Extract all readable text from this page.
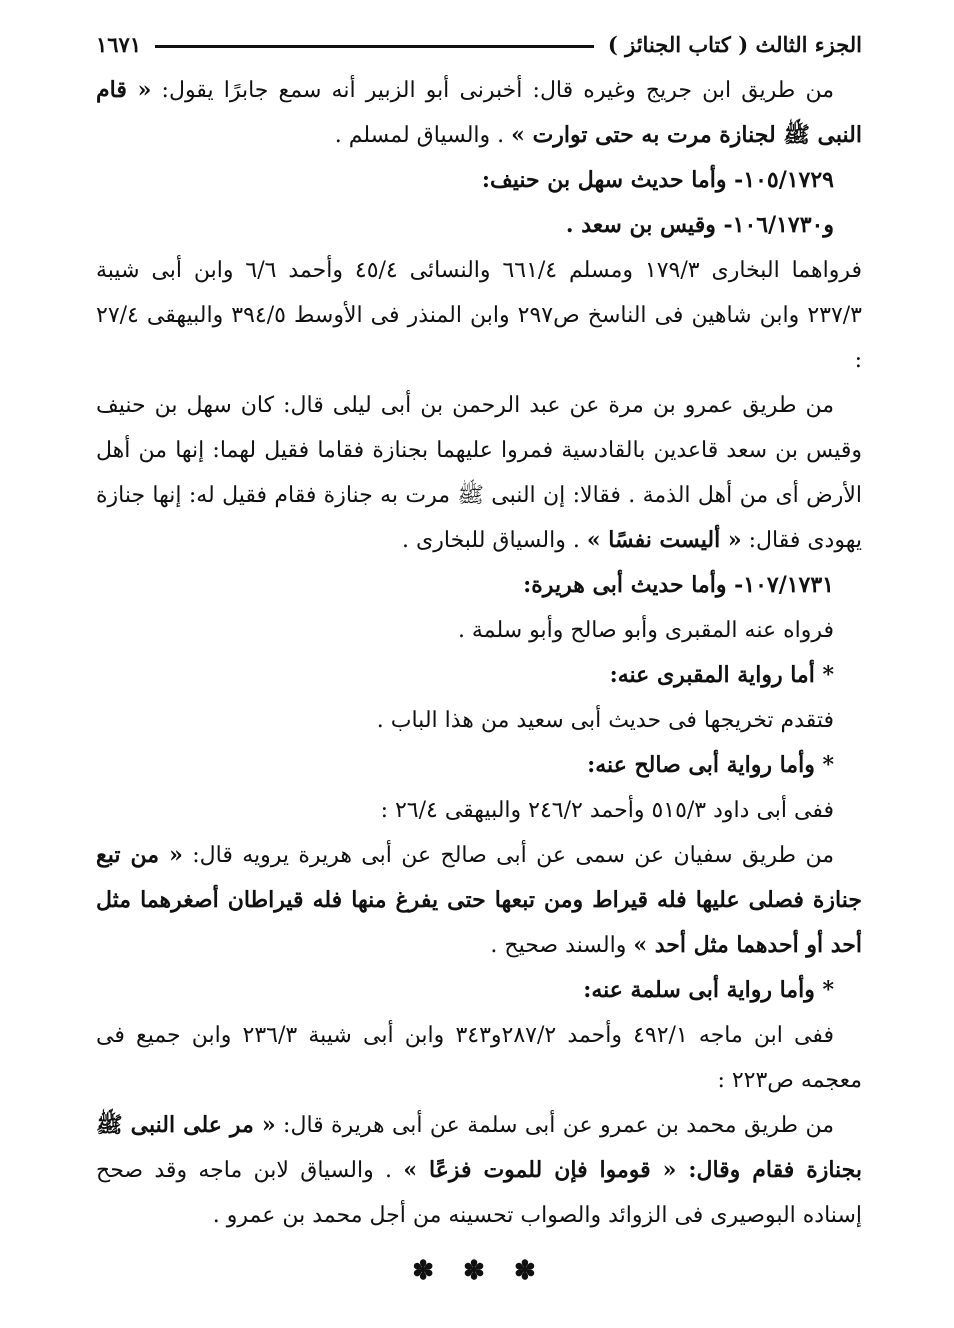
الجزء الثالث ( كتاب الجنائز )
١٦٧١

من طريق ابن جريج وغيره قال: أخبرنى أبو الزبير أنه سمع جابرًا يقول: « قام النبى ﷺ لجنازة مرت به حتى توارت » . والسياق لمسلم .

١٠٥/١٧٢٩- وأما حديث سهل بن حنيف:

و١٠٦/١٧٣٠- وقيس بن سعد .

فرواهما البخارى ١٧٩/٣ ومسلم ٦٦١/٤ والنسائى ٤٥/٤ وأحمد ٦/٦ وابن أبى شيبة ٢٣٧/٣ وابن شاهين فى الناسخ ص٢٩٧ وابن المنذر فى الأوسط ٣٩٤/٥ والبيهقى ٢٧/٤ :

من طريق عمرو بن مرة عن عبد الرحمن بن أبى ليلى قال: كان سهل بن حنيف وقيس بن سعد قاعدين بالقادسية فمروا عليهما بجنازة فقاما فقيل لهما: إنها من أهل الأرض أى من أهل الذمة . فقالا: إن النبى ﷺ مرت به جنازة فقام فقيل له: إنها جنازة يهودى فقال: « أليست نفسًا » . والسياق للبخارى .

١٠٧/١٧٣١- وأما حديث أبى هريرة:

فرواه عنه المقبرى وأبو صالح وأبو سلمة .

* أما رواية المقبرى عنه:

فتقدم تخريجها فى حديث أبى سعيد من هذا الباب .

* وأما رواية أبى صالح عنه:

ففى أبى داود ٥١٥/٣ وأحمد ٢٤٦/٢ والبيهقى ٢٦/٤ :

من طريق سفيان عن سمى عن أبى صالح عن أبى هريرة يرويه قال: « من تبع جنازة فصلى عليها فله قيراط ومن تبعها حتى يفرغ منها فله قيراطان أصغرهما مثل أحد أو أحدهما مثل أحد » والسند صحيح .

* وأما رواية أبى سلمة عنه:

ففى ابن ماجه ٤٩٢/١ وأحمد ٢٨٧/٢و٣٤٣ وابن أبى شيبة ٢٣٦/٣ وابن جميع فى معجمه ص٢٢٣ :

من طريق محمد بن عمرو عن أبى سلمة عن أبى هريرة قال: « مر على النبى ﷺ بجنازة فقام وقال: « قوموا فإن للموت فزعًا » . والسياق لابن ماجه وقد صحح إسناده البوصيرى فى الزوائد والصواب تحسينه من أجل محمد بن عمرو .

✽ ✽ ✽
